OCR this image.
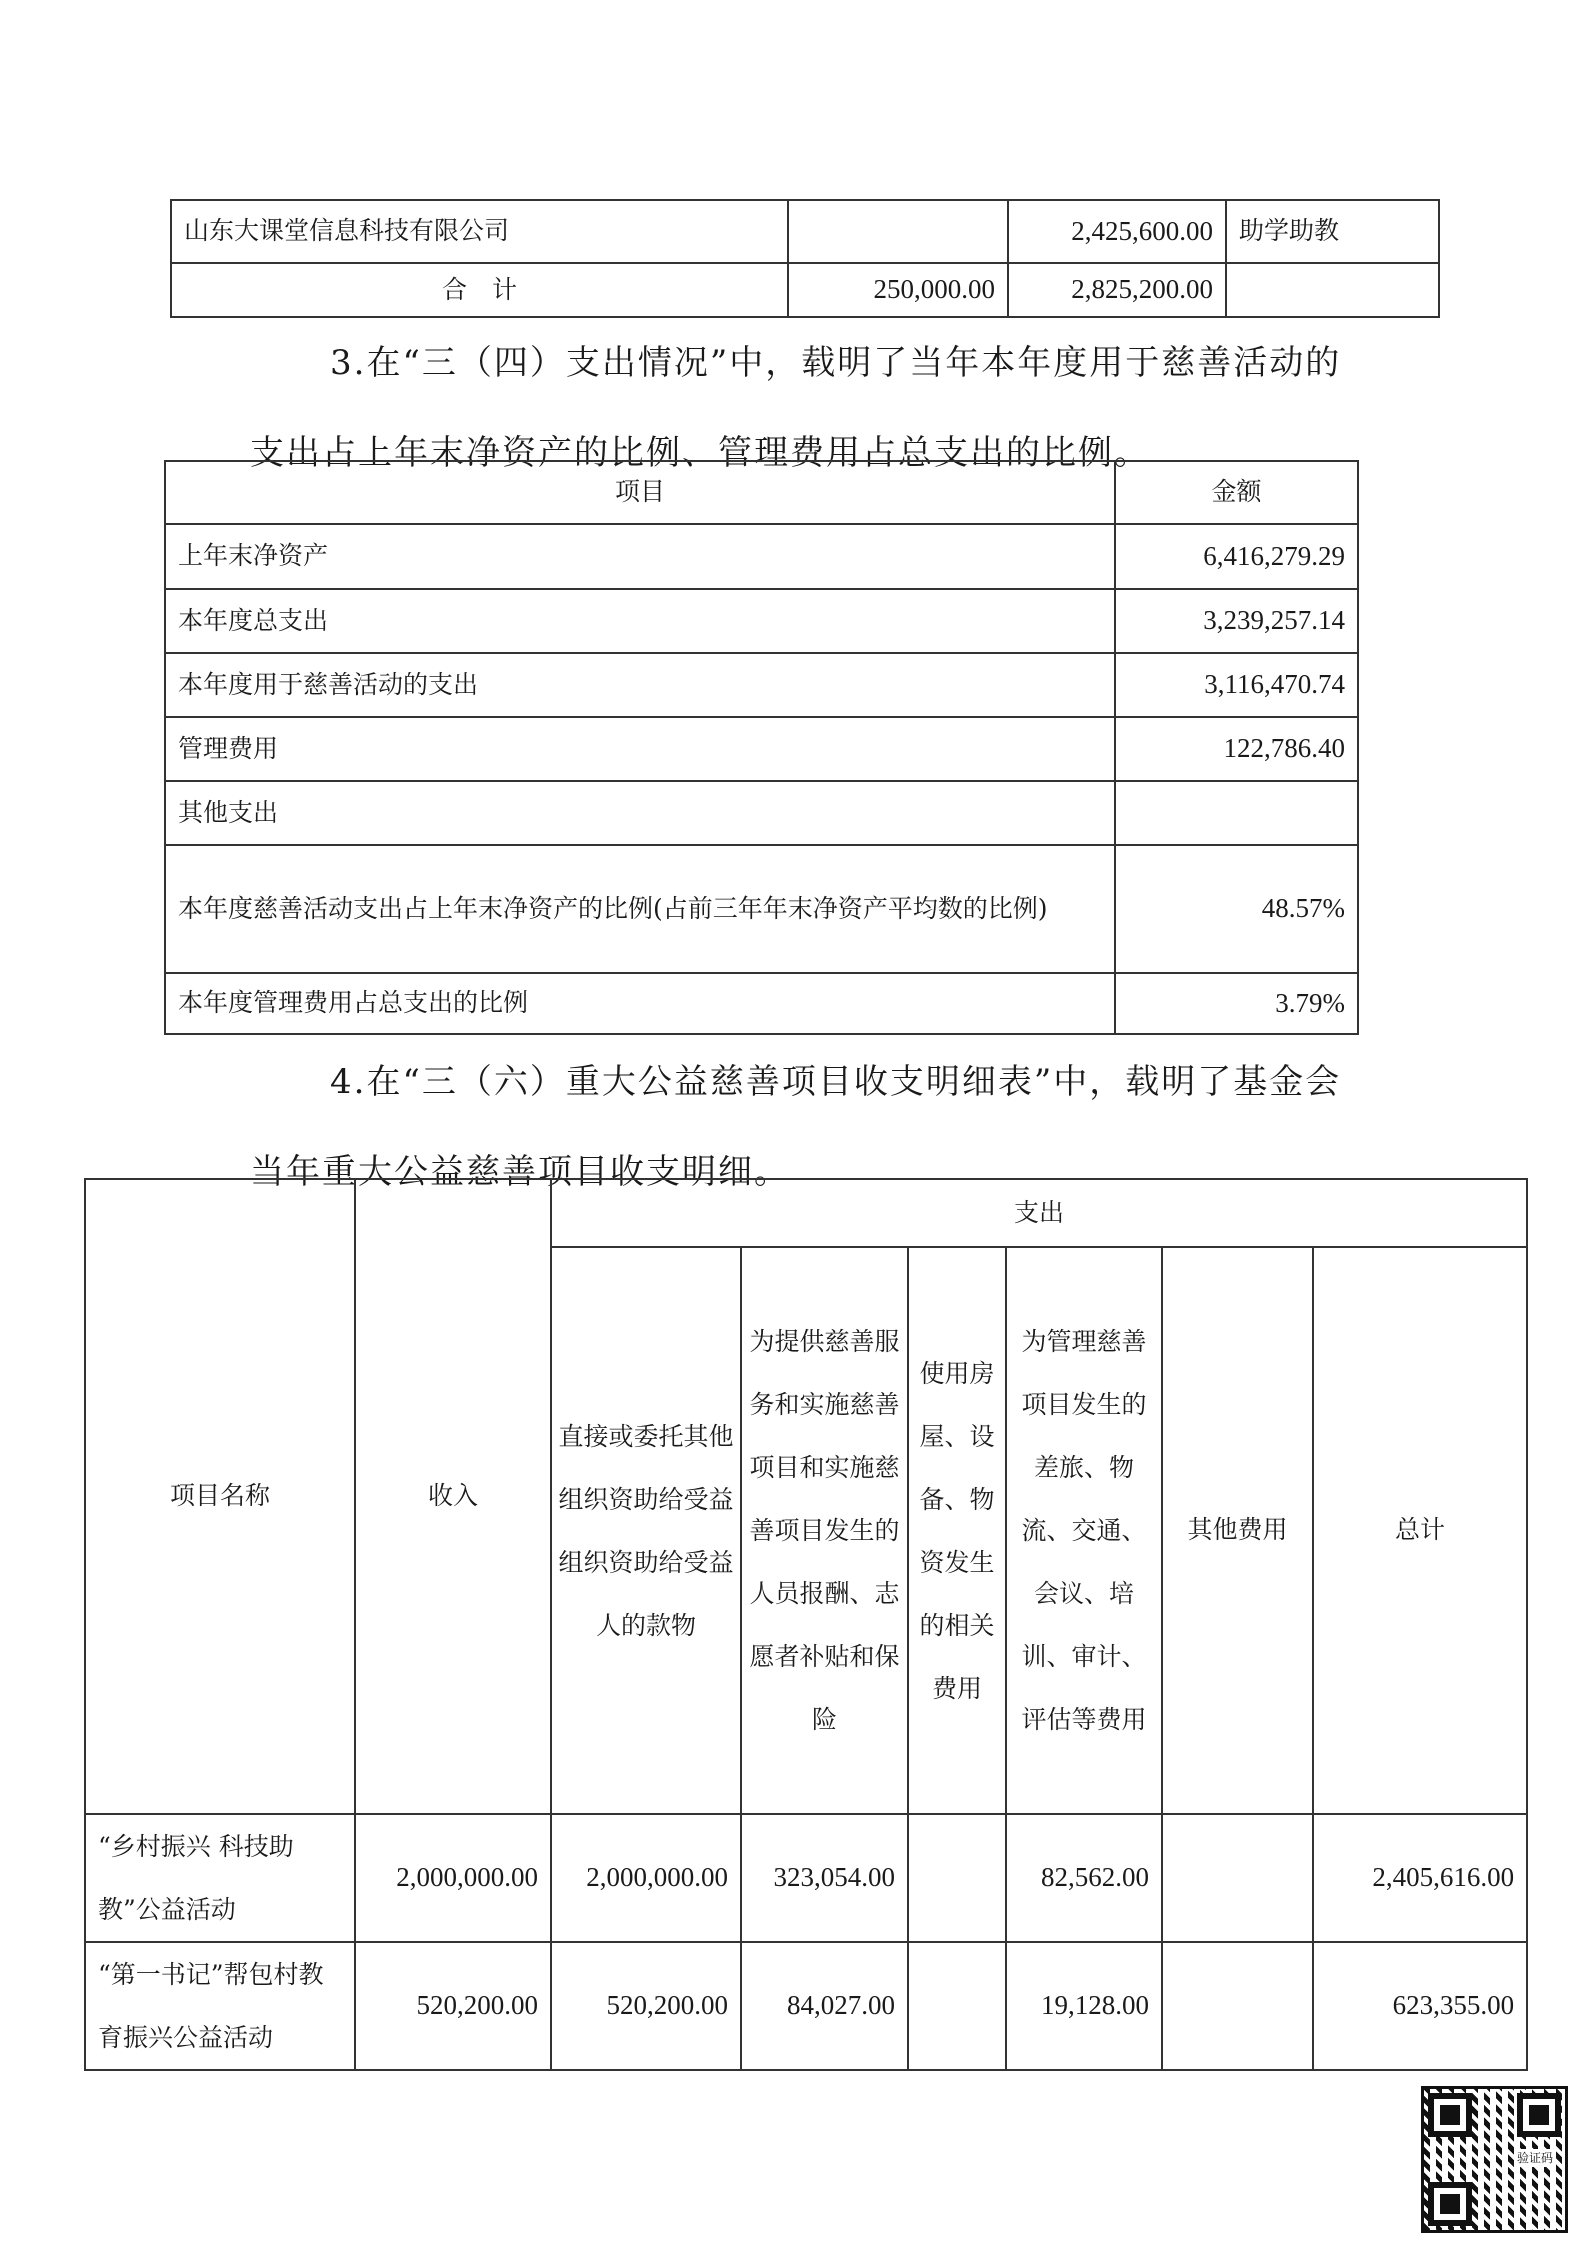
山东大课堂信息科技有限公司		2,425,600.00	助学助教
合　计	250,000.00	2,825,200.00	

3.在“三（四）支出情况”中，载明了当年本年度用于慈善活动的
支出占上年末净资产的比例、管理费用占总支出的比例。

项目	金额
上年末净资产	6,416,279.29
本年度总支出	3,239,257.14
本年度用于慈善活动的支出	3,116,470.74
管理费用	122,786.40
其他支出	
本年度慈善活动支出占上年末净资产的比例(占前三年年末净资产平均数的比例)	48.57%
本年度管理费用占总支出的比例	3.79%

4.在“三（六）重大公益慈善项目收支明细表”中，载明了基金会
当年重大公益慈善项目收支明细。

项目名称	收入	支出					
		直接或委托其他组织资助给受益组织资助给受益人的款物	为提供慈善服务和实施慈善项目和实施慈善项目发生的人员报酬、志愿者补贴和保险	使用房屋、设备、物资发生的相关费用	为管理慈善项目发生的差旅、物流、交通、会议、培训、审计、评估等费用	其他费用	总计
“乡村振兴 科技助教”公益活动	2,000,000.00	2,000,000.00	323,054.00		82,562.00		2,405,616.00
“第一书记”帮包村教育振兴公益活动	520,200.00	520,200.00	84,027.00		19,128.00		623,355.00
验证码
